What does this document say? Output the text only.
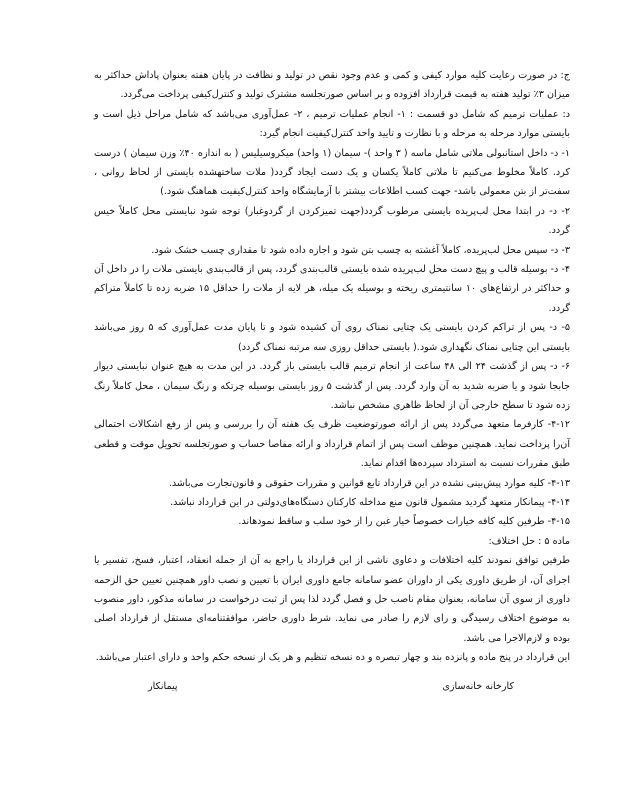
ج: در صورت رعایت کلیه موارد کیفی و کمی و عدم وجود نقص در تولید و نظافت در پایان هفته بعنوان پاداش حداکثر به میزان ۳٪ تولید هفته به قیمت قرارداد افزوده و بر اساس صورتجلسه مشترک تولید و کنترل‌کیفی پرداخت می‌گردد.

د: عملیات ترمیم که شامل دو قسمت : ۱- انجام عملیات ترمیم ، ۲- عمل‌آوری می‌باشد که شامل مراحل ذیل است و بایستی موارد مرحله به مرحله و با نظارت و تایید واحد کنترل‌کیفیت انجام گیرد:

۱- د- داخل استانبولی ملاتی شامل ماسه ( ۳ واحد )- سیمان (۱ واحد) میکروسیلیس ( به اندازه ۴۰٪ وزن سیمان ) درست کرد. کاملاً مخلوط می‌کنیم تا ملاتی کاملاً یکسان و یک دست ایجاد گردد( ملات ساختهشده بایستی از لحاظ روانی ، سفت‌تر از بتن معمولی باشد- جهت کسب اطلاعات بیشتر با آزمایشگاه واحد کنترل‌کیفیت هماهنگ شود.)

۲- د- در ابتدا محل لب‌پریده بایستی مرطوب گردد(جهت تمیزکردن از گردوغبار) توجه شود نبایستی محل کاملاً خیس گردد.

۳- د- سپس محل لب‌پریده، کاملاً آغشته به چسب بتن شود و اجازه داده شود تا مقداری چسب خشک شود.

۴- د- بوسیله قالب و پیچ دست محل لب‌پریده شده بایستی قالب‌بندی گردد، پس از قالب‌بندی بایستی ملات را در داخل آن و حداکثر در ارتفاع‌های ۱۰ سانتیمتری ریخته و بوسیله یک میله، هر لایه از ملات را حداقل ۱۵ ضربه زده تا کاملاً متراکم گردد.

۵- د- پس از تراکم کردن بایستی یک چتایی نمناک روی آن کشیده شود و تا پایان مدت عمل‌آوری که ۵ روز می‌باشد بایستی این چتایی نمناک نگهداری شود.( بایستی حداقل روزی سه مرتبه نمناک گردد)

۶- د- پس از گذشت ۲۴ الی ۴۸ ساعت از انجام ترمیم قالب بایستی باز گردد. در این مدت به هیچ عنوان نبایستی دیوار جابجا شود و یا ضربه شدید به آن وارد گردد. پس از گذشت ۵ روز بایستی بوسیله چرتکه و رنگ سیمان ، محل کاملاً رنگ زده شود تا سطح خارجی آن از لحاظ ظاهری مشخص نباشد.

۴-۱۲- کارفرما متعهد می‌گردد پس از ارائه صورتوضعیت ظرف یک هفته آن را بررسی و پس از رفع اشکالات احتمالی آن‌را پرداخت نماید. همچنین موظف است پس از اتمام قرارداد و ارائه مفاصا حساب و صورتجلسه تحویل موقت و قطعی طبق مقررات نسبت به استرداد سپرده‌ها اقدام نماید.

۴-۱۳- کلیه موارد پیش‌بینی نشده در این قرارداد تابع قوانین و مقررات حقوقی و قانون‌تجارت می‌باشد.

۴-۱۴- پیمانکار متعهد گردید مشمول قانون منع مداخله کارکنان دستگاه‌های‌دولتی در این قرارداد نباشد.

۴-۱۵- طرفین کلیه کافه خیارات خصوصاً خیار غبن را از خود سلب و ساقط نمودهاند.

ماده ۵ : حل اختلاف:

طرفین توافق نمودند کلیه اختلافات و دعاوی ناشی از این قرارداد یا راجع به آن از جمله انعقاد، اعتبار، فسخ، تفسیر یا اجرای آن، از طریق داوری یکی از داوران عضو سامانه جامع داوری ایران با تعیین و نصب داور همچنین تعیین حق الزحمه داوری از سوی آن سامانه، بعنوان مقام ناصب حل و فصل گردد لذا پس از ثبت درخواست در سامانه مذکور، داور منصوب به موضوع اختلاف رسیدگی و رای لازم را صادر می نماید. شرط داوری حاضر، موافقتنامه‌ای مستقل از قرارداد اصلی بوده و لازم‌الاجرا می باشد.

این قرارداد در پنج ماده و پانزده بند و چهار تبصره و ده نسخه تنظیم و هر یک از نسخه حکم واحد و دارای اعتبار می‌باشد.

کارخانه خانه‌سازی
پیمانکار
